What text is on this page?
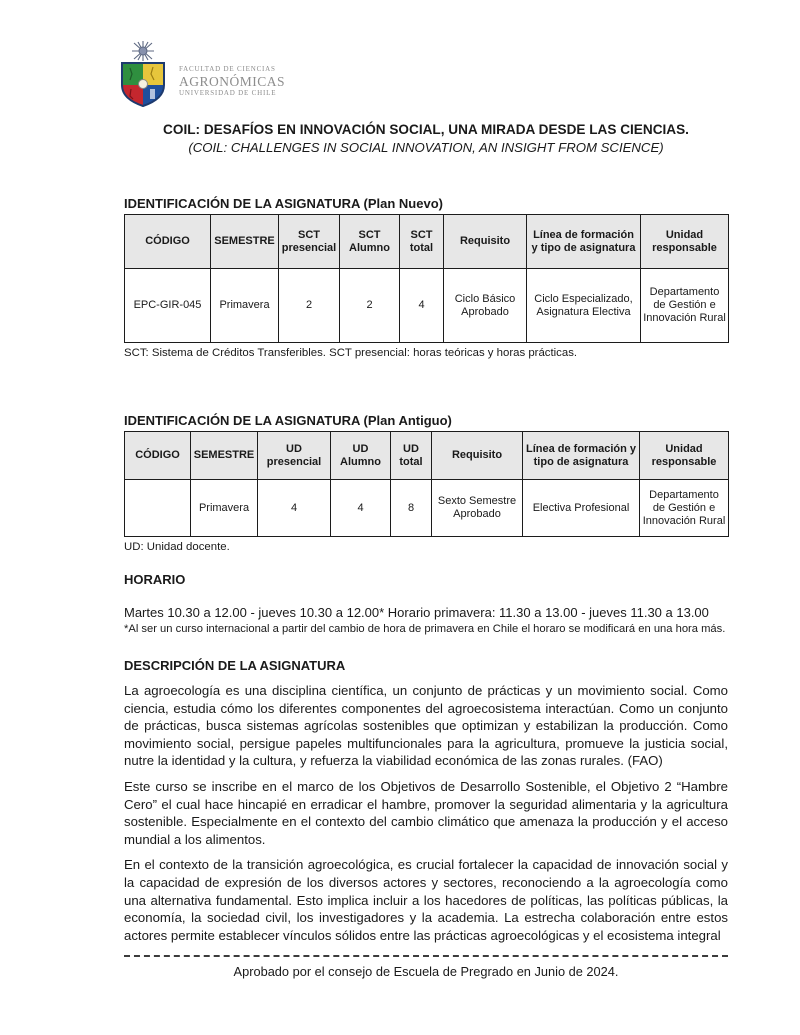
FACULTAD DE CIENCIAS
AGRONÓMICAS
UNIVERSIDAD DE CHILE
COIL: DESAFÍOS EN INNOVACIÓN SOCIAL, UNA MIRADA DESDE LAS CIENCIAS.
(COIL: CHALLENGES IN SOCIAL INNOVATION, AN INSIGHT FROM SCIENCE)
IDENTIFICACIÓN DE LA ASIGNATURA (Plan Nuevo)
CÓDIGO	SEMESTRE	SCT presencial	SCT Alumno	SCT total	Requisito	Línea de formación y tipo de asignatura	Unidad responsable
EPC-GIR-045	Primavera	2	2	4	Ciclo Básico Aprobado	Ciclo Especializado, Asignatura Electiva	Departamento de Gestión e Innovación Rural
SCT: Sistema de Créditos Transferibles. SCT presencial: horas teóricas y horas prácticas.
IDENTIFICACIÓN DE LA ASIGNATURA (Plan Antiguo)
CÓDIGO	SEMESTRE	UD presencial	UD Alumno	UD total	Requisito	Línea de formación y tipo de asignatura	Unidad responsable
	Primavera	4	4	8	Sexto Semestre Aprobado	Electiva Profesional	Departamento de Gestión e Innovación Rural
UD: Unidad docente.
HORARIO
Martes 10.30 a 12.00 - jueves 10.30 a 12.00* Horario primavera: 11.30 a 13.00 - jueves 11.30 a 13.00
*Al ser un curso internacional a partir del cambio de hora de primavera en Chile el horaro se modificará en una hora más.
DESCRIPCIÓN DE LA ASIGNATURA

La agroecología es una disciplina científica, un conjunto de prácticas y un movimiento social. Como ciencia, estudia cómo los diferentes componentes del agroecosistema interactúan. Como un conjunto de prácticas, busca sistemas agrícolas sostenibles que optimizan y estabilizan la producción. Como movimiento social, persigue papeles multifuncionales para la agricultura, promueve la justicia social, nutre la identidad y la cultura, y refuerza la viabilidad económica de las zonas rurales. (FAO)

Este curso se inscribe en el marco de los Objetivos de Desarrollo Sostenible, el Objetivo 2 “Hambre Cero” el cual hace hincapié en erradicar el hambre, promover la seguridad alimentaria y la agricultura sostenible. Especialmente en el contexto del cambio climático que amenaza la producción y el acceso mundial a los alimentos.

En el contexto de la transición agroecológica, es crucial fortalecer la capacidad de innovación social y la capacidad de expresión de los diversos actores y sectores, reconociendo a la agroecología como una alternativa fundamental. Esto implica incluir a los hacedores de políticas, las políticas públicas, la economía, la sociedad civil, los investigadores y la academia. La estrecha colaboración entre estos actores permite establecer vínculos sólidos entre las prácticas agroecológicas y el ecosistema integral

Aprobado por el consejo de Escuela de Pregrado en Junio de 2024.
